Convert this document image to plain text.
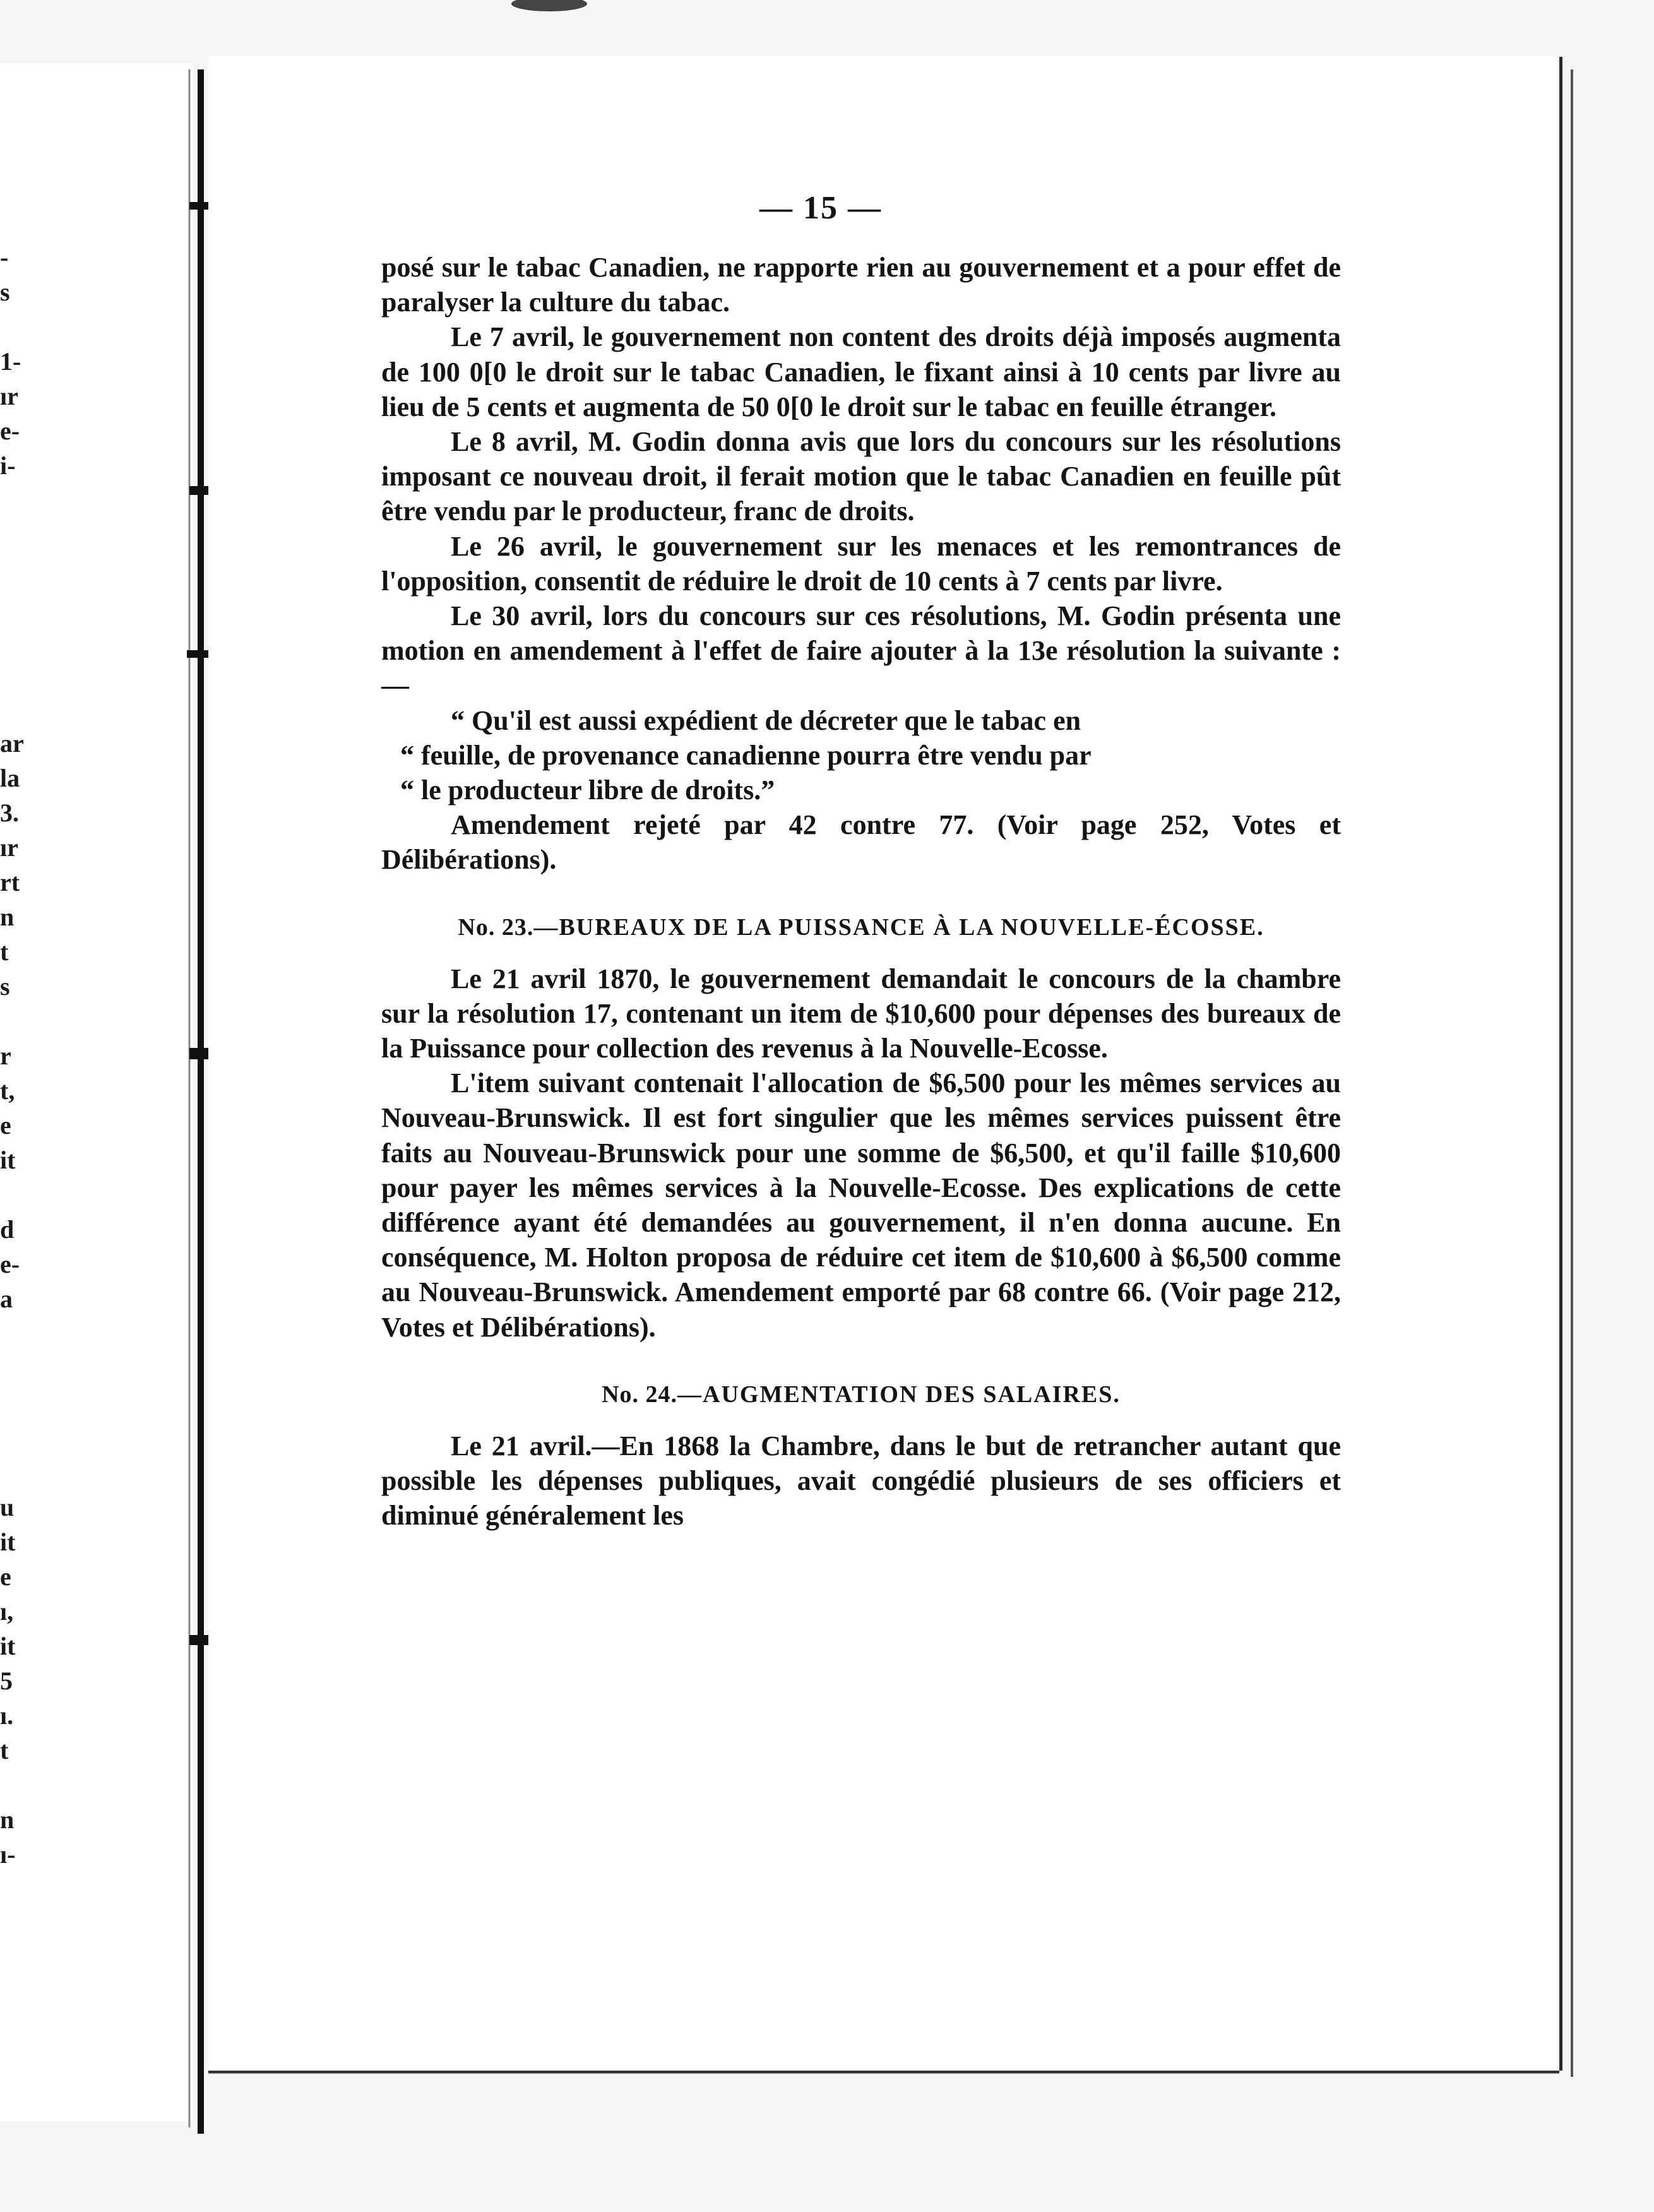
-
s
1-
ır
e-
i-
ar
la
3.
ır
rt
n
t
s
r
t,
e
it
d
e-
a
u
it
e
ı,
it
5
ı.
t
n
ı-
— 15 —

posé sur le tabac Canadien, ne rapporte rien au gouvernement et a pour effet de paralyser la culture du tabac.

Le 7 avril, le gouvernement non content des droits déjà imposés augmenta de 100 0[0 le droit sur le tabac Canadien, le fixant ainsi à 10 cents par livre au lieu de 5 cents et augmenta de 50 0[0 le droit sur le tabac en feuille étranger.

Le 8 avril, M. Godin donna avis que lors du concours sur les résolutions imposant ce nouveau droit, il ferait motion que le tabac Canadien en feuille pût être vendu par le producteur, franc de droits.

Le 26 avril, le gouvernement sur les menaces et les remontrances de l'opposition, consentit de réduire le droit de 10 cents à 7 cents par livre.

Le 30 avril, lors du concours sur ces résolutions, M. Godin présenta une motion en amendement à l'effet de faire ajouter à la 13e résolution la suivante :—

“ Qu'il est aussi expédient de décreter que le tabac en
“ feuille, de provenance canadienne pourra être vendu par
“ le producteur libre de droits.”

Amendement rejeté par 42 contre 77. (Voir page 252, Votes et Délibérations).

No. 23.—BUREAUX DE LA PUISSANCE À LA NOUVELLE-ÉCOSSE.

Le 21 avril 1870, le gouvernement demandait le concours de la chambre sur la résolution 17, contenant un item de $10,600 pour dépenses des bureaux de la Puissance pour collection des revenus à la Nouvelle-Ecosse.

L'item suivant contenait l'allocation de $6,500 pour les mêmes services au Nouveau-Brunswick. Il est fort singulier que les mêmes services puissent être faits au Nouveau-Brunswick pour une somme de $6,500, et qu'il faille $10,600 pour payer les mêmes services à la Nouvelle-Ecosse. Des explications de cette différence ayant été demandées au gouvernement, il n'en donna aucune. En conséquence, M. Holton proposa de réduire cet item de $10,600 à $6,500 comme au Nouveau-Brunswick. Amendement emporté par 68 contre 66. (Voir page 212, Votes et Délibérations).

No. 24.—AUGMENTATION DES SALAIRES.

Le 21 avril.—En 1868 la Chambre, dans le but de retrancher autant que possible les dépenses publiques, avait congédié plusieurs de ses officiers et diminué généralement les
